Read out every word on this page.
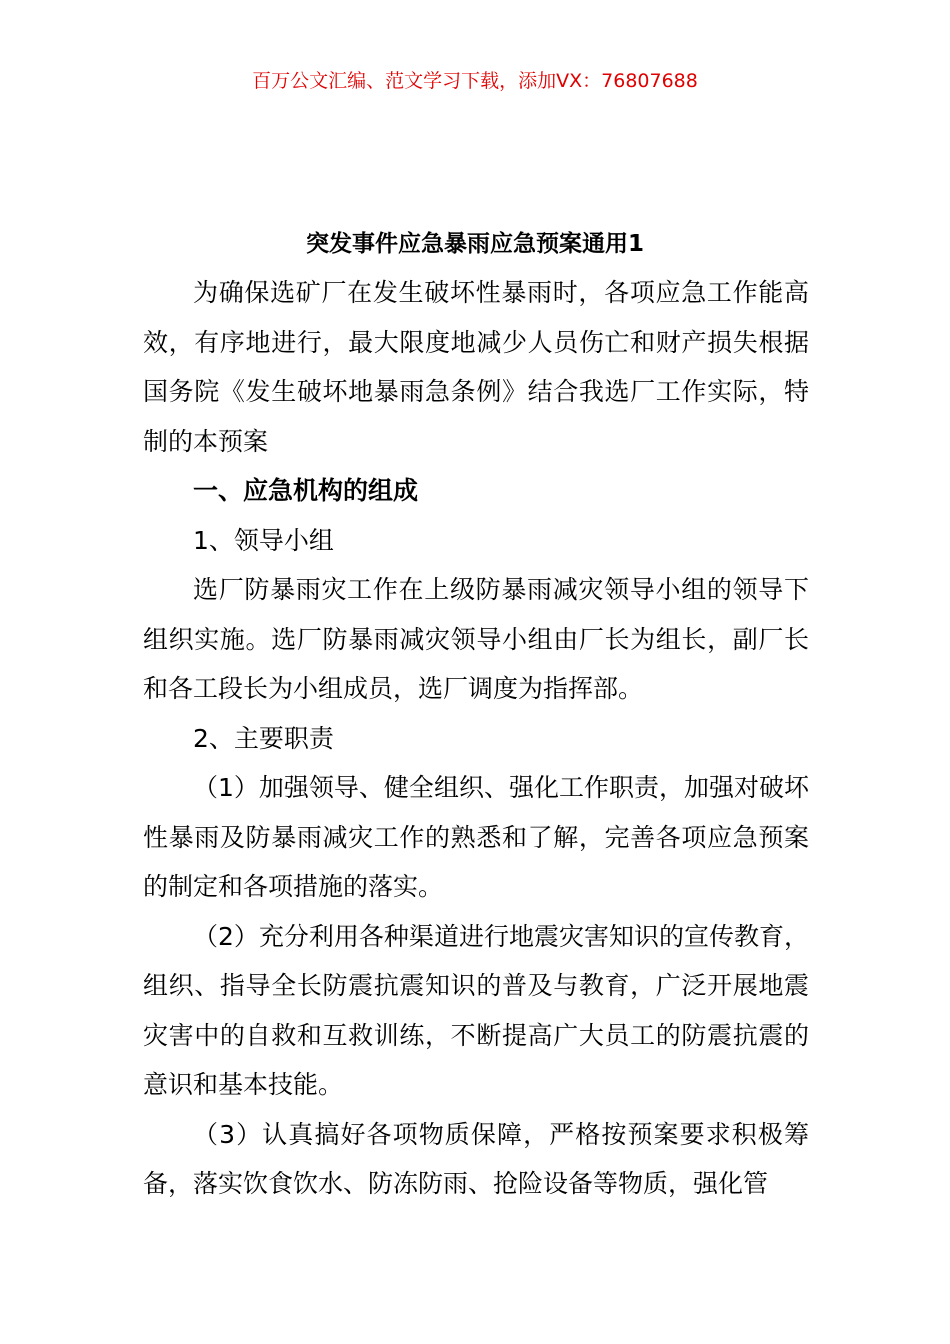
百万公文汇编、范文学习下载，添加VX：76807688
突发事件应急暴雨应急预案通用1

为确保选矿厂在发生破坏性暴雨时，各项应急工作能高效，有序地进行，最大限度地减少人员伤亡和财产损失根据国务院《发生破坏地暴雨急条例》结合我选厂工作实际，特制的本预案

一、应急机构的组成

1、领导小组

选厂防暴雨灾工作在上级防暴雨减灾领导小组的领导下组织实施。选厂防暴雨减灾领导小组由厂长为组长，副厂长和各工段长为小组成员，选厂调度为指挥部。

2、主要职责

（1）加强领导、健全组织、强化工作职责，加强对破坏性暴雨及防暴雨减灾工作的熟悉和了解，完善各项应急预案的制定和各项措施的落实。

（2）充分利用各种渠道进行地震灾害知识的宣传教育，组织、指导全长防震抗震知识的普及与教育，广泛开展地震灾害中的自救和互救训练，不断提高广大员工的防震抗震的意识和基本技能。

（3）认真搞好各项物质保障，严格按预案要求积极筹备，落实饮食饮水、防冻防雨、抢险设备等物质，强化管
